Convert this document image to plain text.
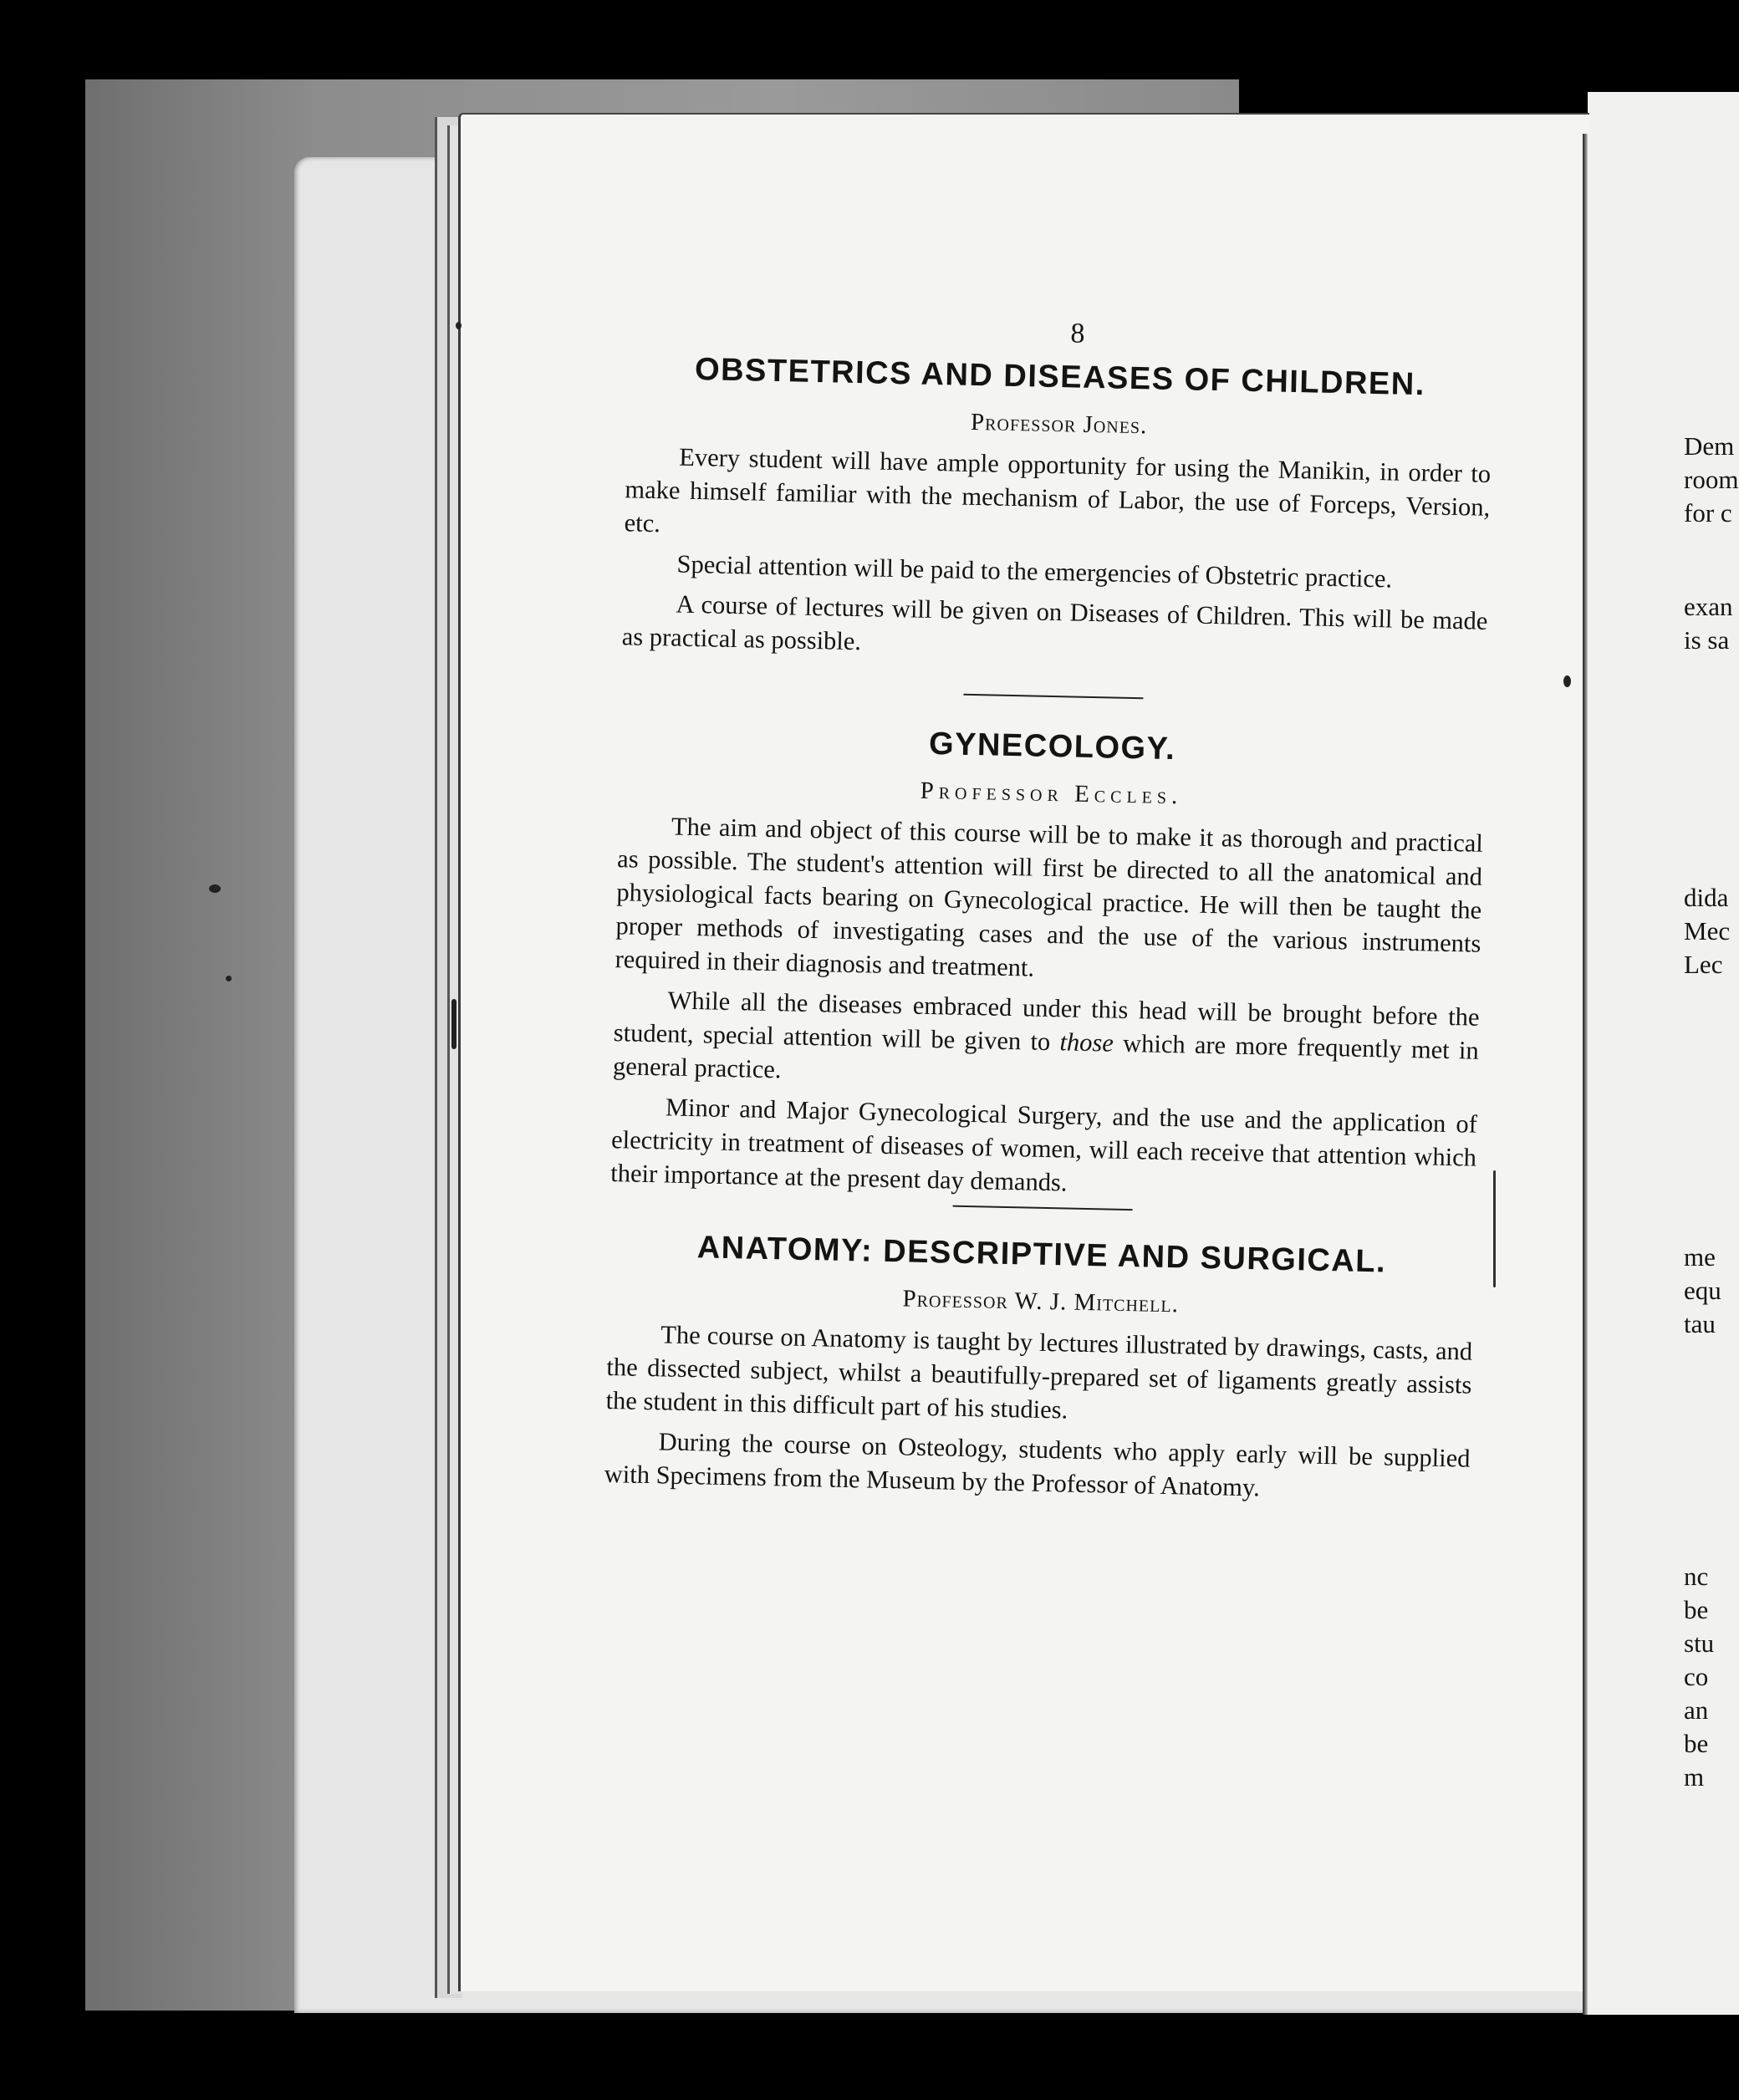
8
OBSTETRICS AND DISEASES OF CHILDREN.
Professor Jones.

Every student will have ample opportunity for using the Manikin, in order to make himself familiar with the mechanism of Labor, the use of Forceps, Version, etc.

Special attention will be paid to the emergencies of Obstetric practice.

A course of lectures will be given on Diseases of Children. This will be made as practical as possible.

GYNECOLOGY.
Professor Eccles.

The aim and object of this course will be to make it as thorough and practical as possible. The student's attention will first be directed to all the anatomical and physiological facts bearing on Gynecological practice. He will then be taught the proper methods of investigating cases and the use of the various instruments required in their diagnosis and treatment.

While all the diseases embraced under this head will be brought before the student, special attention will be given to those which are more frequently met in general practice.

Minor and Major Gynecological Surgery, and the use and the application of electricity in treatment of diseases of women, will each receive that attention which their importance at the present day demands.

ANATOMY: DESCRIPTIVE AND SURGICAL.
Professor W. J. Mitchell.

The course on Anatomy is taught by lectures illustrated by drawings, casts, and the dissected subject, whilst a beautifully-prepared set of ligaments greatly assists the student in this difficult part of his studies.

During the course on Osteology, students who apply early will be supplied with Specimens from the Museum by the Professor of Anatomy.

Dem
room
for c
exan
is sa
dida
Mec
Lec
me
equ
tau
nc
be
stu
co
an
be
m
